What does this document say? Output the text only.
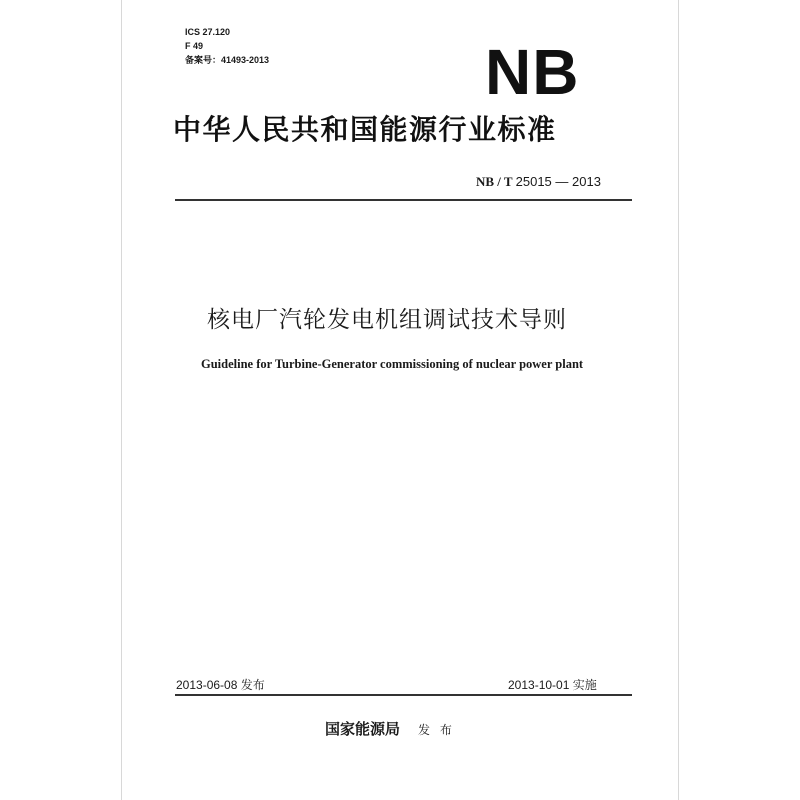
ICS 27.120
F 49
备案号：41493-2013	NB
中华人民共和国能源行业标准
NB / T 25015 — 2013
核电厂汽轮发电机组调试技术导则
Guideline for Turbine-Generator commissioning of nuclear power plant
2013-06-08 发布	2013-10-01 实施
国家能源局 发 布
